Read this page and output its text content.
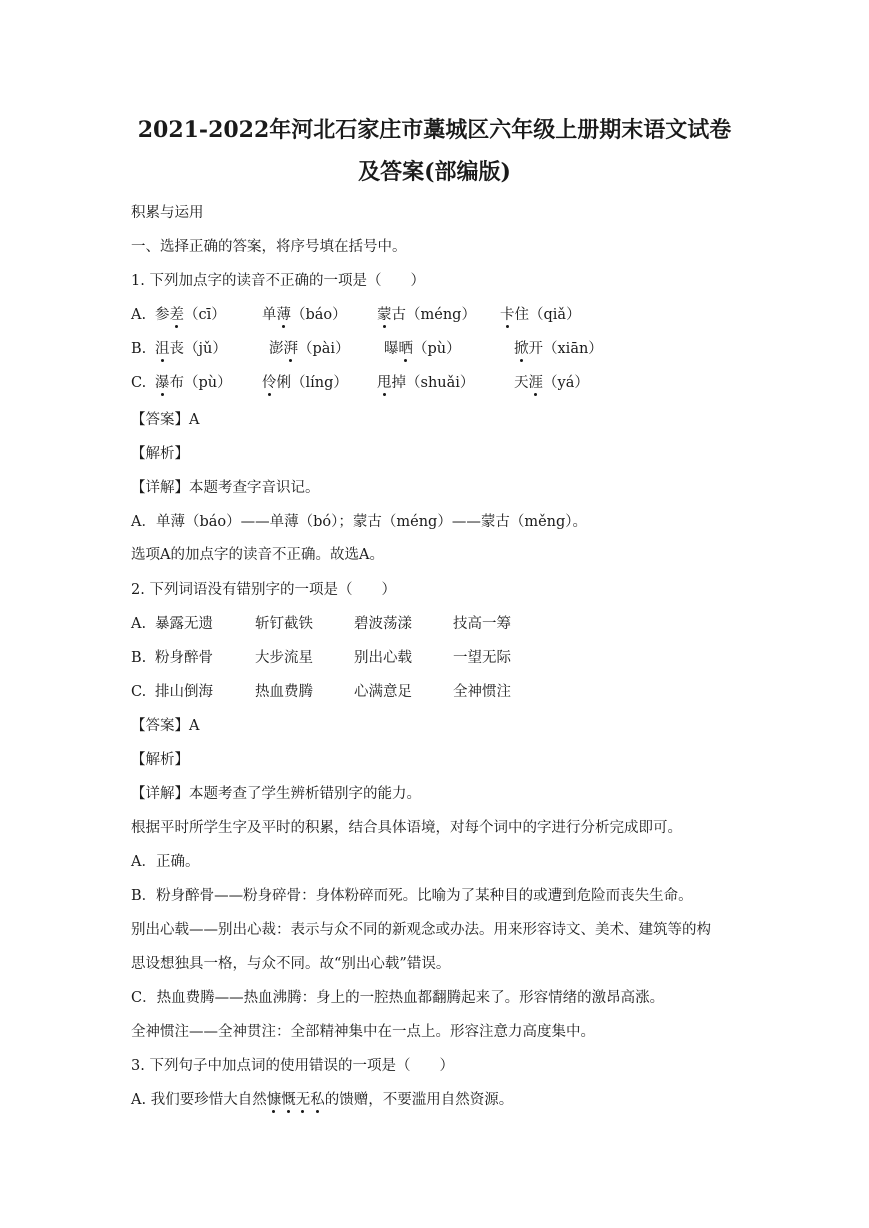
2021-2022年河北石家庄市藁城区六年级上册期末语文试卷
及答案(部编版)
积累与运用
一、选择正确的答案，将序号填在括号中。
1. 下列加点字的读音不正确的一项是（　　）
A. 参差（cī） 单薄（báo） 蒙古（méng） 卡住（qiǎ）
B. 沮丧（jǔ）	澎湃（pài） 曝晒（pù）	掀开（xiān）
C. 瀑布（pù） 伶俐（líng） 甩掉（shuǎi）	天涯（yá）
【答案】A
【解析】
【详解】本题考查字音识记。
A．单薄（báo）——单薄（bó）；蒙古（méng）——蒙古（měng）。
选项A的加点字的读音不正确。故选A。
2. 下列词语没有错别字的一项是（　　）
A. 暴露无遗	斩钉截铁	碧波荡漾	技高一筹
B. 粉身醉骨	大步流星	别出心载	一望无际
C. 排山倒海	热血费腾	心满意足	全神惯注
【答案】A
【解析】
【详解】本题考查了学生辨析错别字的能力。
根据平时所学生字及平时的积累，结合具体语境，对每个词中的字进行分析完成即可。
A．正确。
B．粉身醉骨——粉身碎骨：身体粉碎而死。比喻为了某种目的或遭到危险而丧失生命。
别出心载——别出心裁：表示与众不同的新观念或办法。用来形容诗文、美术、建筑等的构
思设想独具一格，与众不同。故“别出心载”错误。
C．热血费腾——热血沸腾：身上的一腔热血都翻腾起来了。形容情绪的激昂高涨。
全神惯注——全神贯注：全部精神集中在一点上。形容注意力高度集中。
3. 下列句子中加点词的使用错误的一项是（　　）
A. 我们要珍惜大自然慷慨无私的馈赠，不要滥用自然资源。
